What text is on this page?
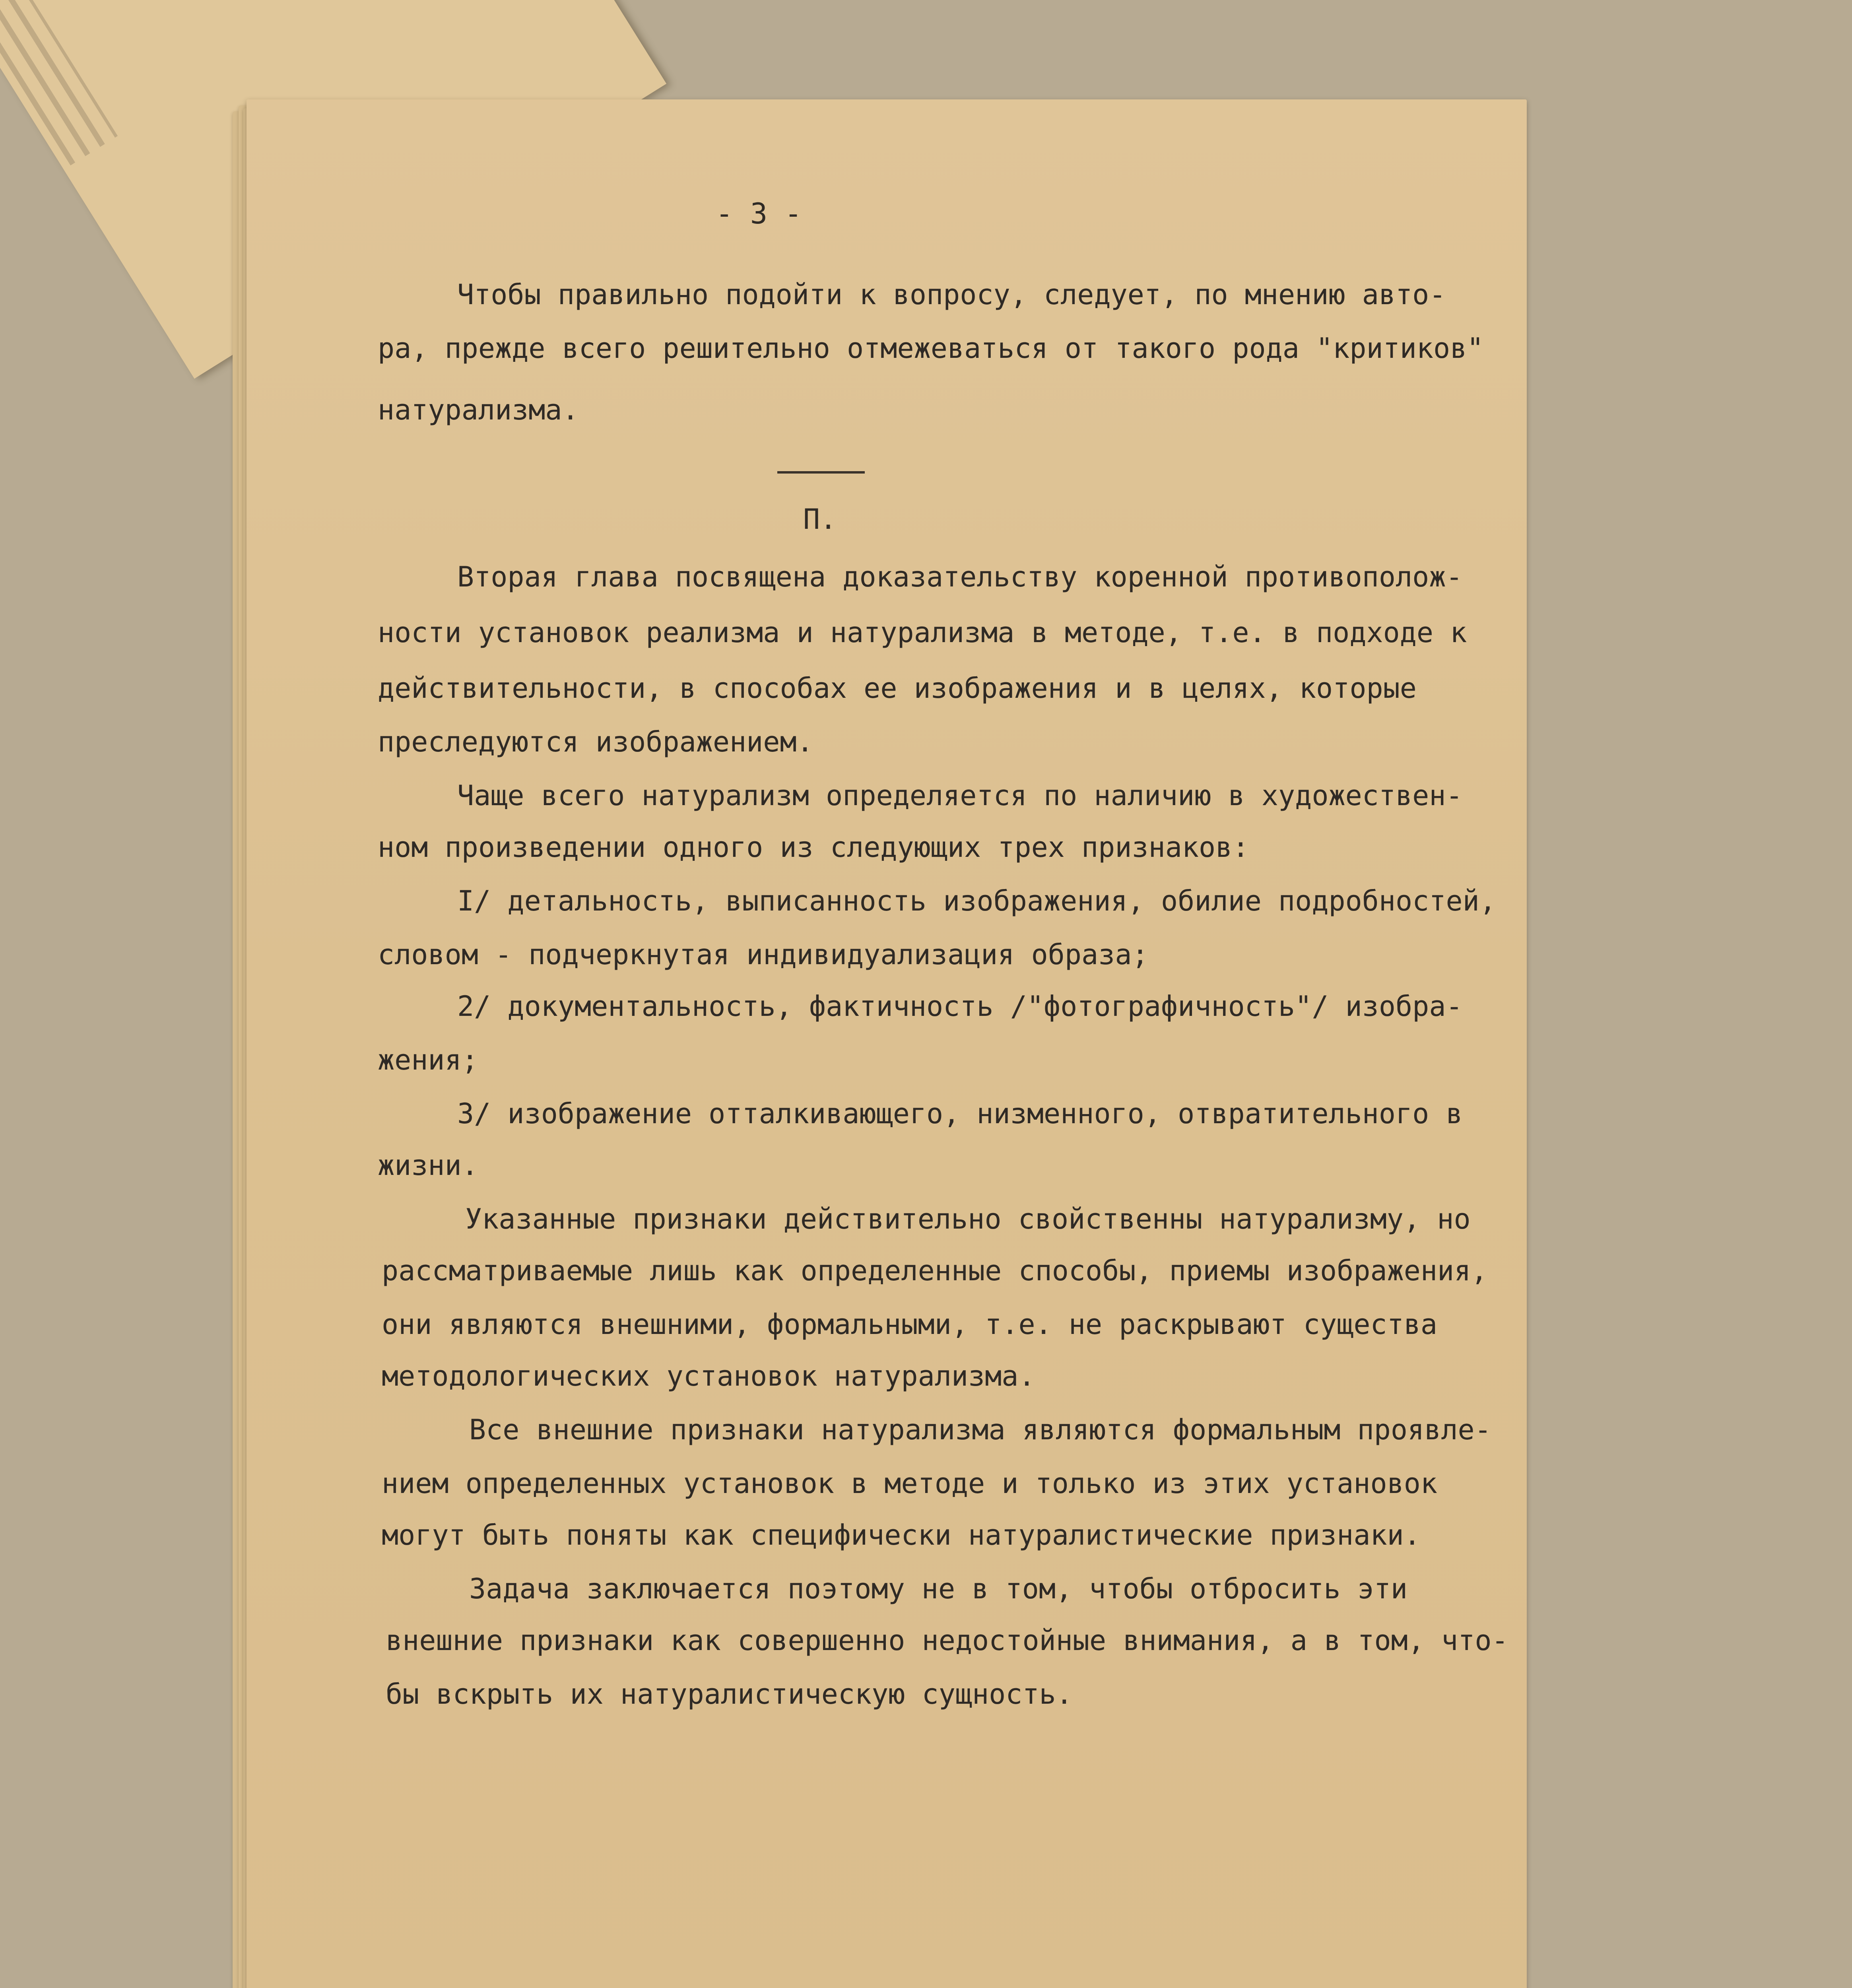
- 3 -
Чтобы правильно подойти к вопросу, следует, по мнению авто-
ра, прежде всего решительно отмежеваться от такого рода "критиков"
натурализма.
П.
Вторая глава посвящена доказательству коренной противополож-
ности установок реализма и натурализма в методе, т.е. в подходе к
действительности, в способах ее изображения и в целях, которые
преследуются изображением.
Чаще всего натурализм определяется по наличию в художествен-
ном произведении одного из следующих трех признаков:
I/ детальность, выписанность изображения, обилие подробностей,
словом - подчеркнутая индивидуализация образа;
2/ документальность, фактичность /"фотографичность"/ изобра-
жения;
3/ изображение отталкивающего, низменного, отвратительного в
жизни.
Указанные признаки действительно свойственны натурализму, но
рассматриваемые лишь как определенные способы, приемы изображения,
они являются внешними, формальными, т.е. не раскрывают существа
методологических установок натурализма.
Все внешние признаки натурализма являются формальным проявле-
нием определенных установок в методе и только из этих установок
могут быть поняты как специфически натуралистические признаки.
Задача заключается поэтому не в том, чтобы отбросить эти
внешние признаки как совершенно недостойные внимания, а в том, что-
бы вскрыть их натуралистическую сущность.
